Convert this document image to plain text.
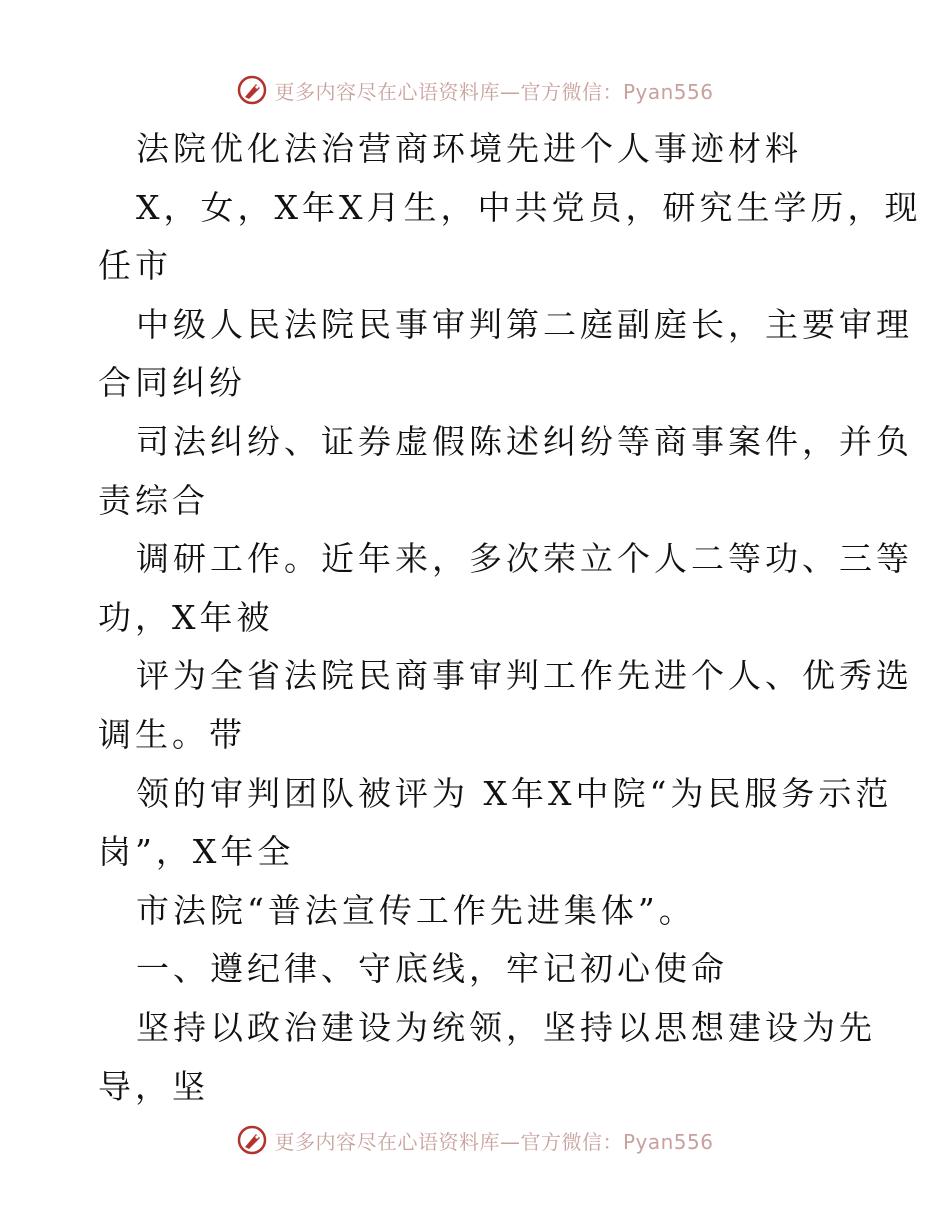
更多内容尽在心语资料库—官方微信：Pyan556
法院优化法治营商环境先进个人事迹材料
X，女，X年X月生，中共党员，研究生学历，现
任市
中级人民法院民事审判第二庭副庭长，主要审理
合同纠纷
司法纠纷、证券虚假陈述纠纷等商事案件，并负
责综合
调研工作。近年来，多次荣立个人二等功、三等
功，X年被
评为全省法院民商事审判工作先进个人、优秀选
调生。带
领的审判团队被评为 X年X中院“为民服务示范
岗”，X年全
市法院“普法宣传工作先进集体”。
一、遵纪律、守底线，牢记初心使命
坚持以政治建设为统领，坚持以思想建设为先
导，坚
更多内容尽在心语资料库—官方微信：Pyan556
